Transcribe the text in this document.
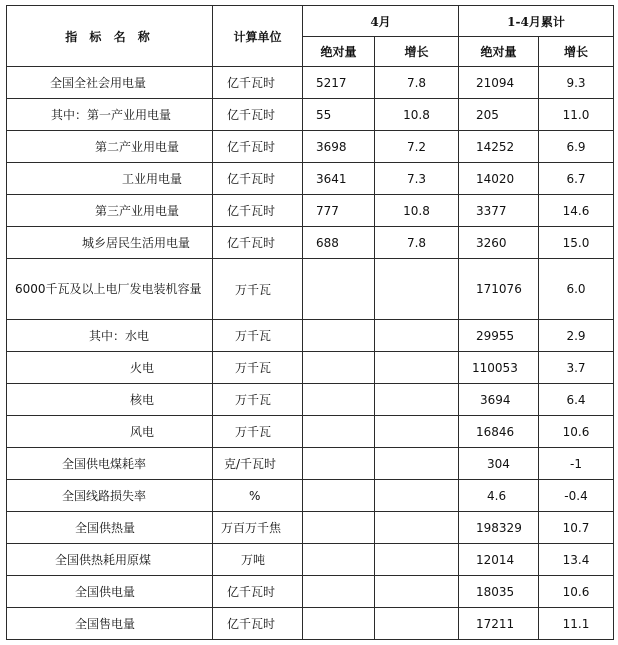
指 标 名 称	计算单位	4月		1-4月累计	
		绝对量	增长	绝对量	增长
全国全社会用电量	亿千瓦时	5217	7.8	21094	9.3
其中：第一产业用电量	亿千瓦时	55	10.8	205	11.0
第二产业用电量	亿千瓦时	3698	7.2	14252	6.9
工业用电量	亿千瓦时	3641	7.3	14020	6.7
第三产业用电量	亿千瓦时	777	10.8	3377	14.6
城乡居民生活用电量	亿千瓦时	688	7.8	3260	15.0
6000千瓦及以上电厂发电装机容量	万千瓦			171076	6.0
其中：水电	万千瓦			29955	2.9
火电	万千瓦			110053	3.7
核电	万千瓦			3694	6.4
风电	万千瓦			16846	10.6
全国供电煤耗率	克/千瓦时			304	-1
全国线路损失率	%			4.6	-0.4
全国供热量	万百万千焦			198329	10.7
全国供热耗用原煤	万吨			12014	13.4
全国供电量	亿千瓦时			18035	10.6
全国售电量	亿千瓦时			17211	11.1
